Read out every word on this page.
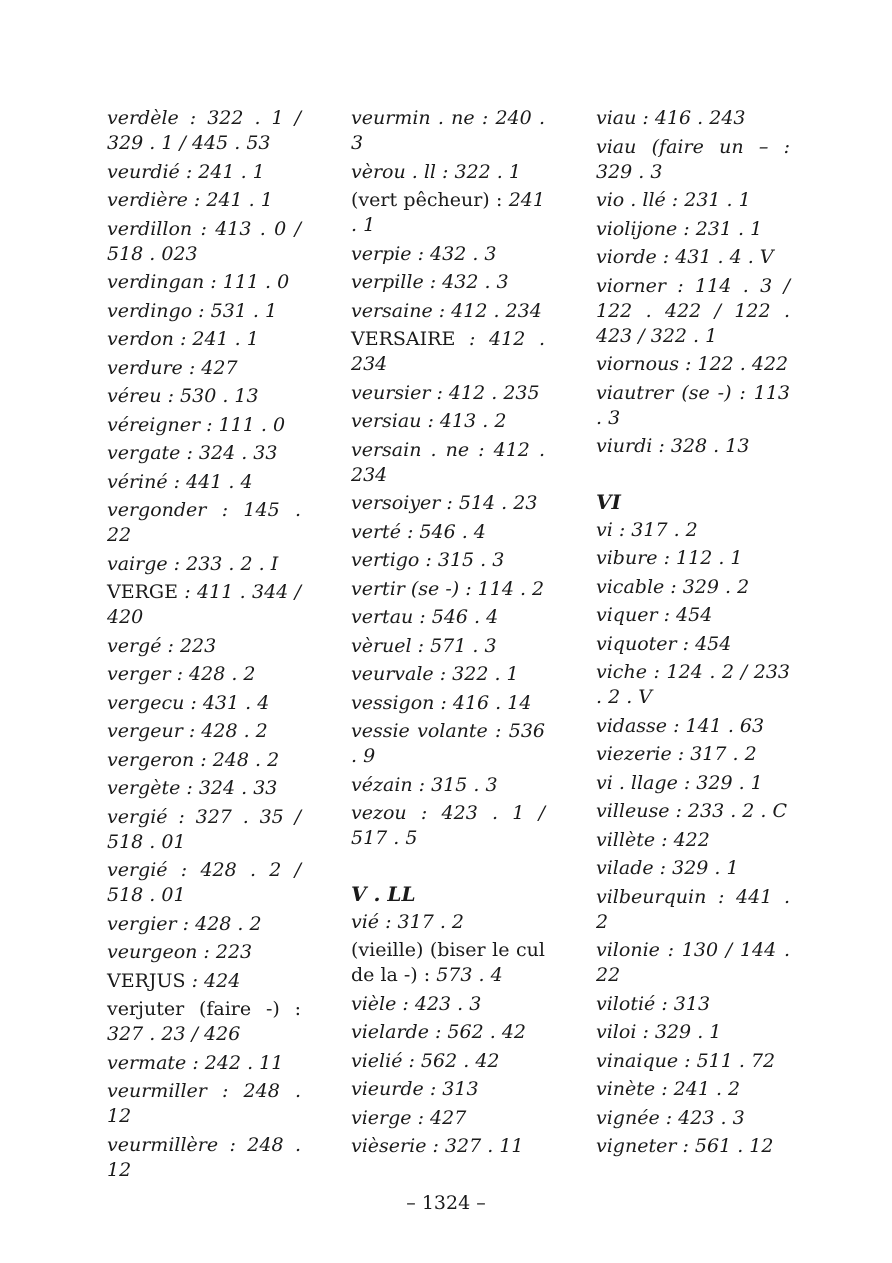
verdèle : 322 . 1 / 329 . 1 / 445 . 53
veurdié : 241 . 1
verdière : 241 . 1
verdillon : 413 . 0 / 518 . 023
verdingan : 111 . 0
verdingo : 531 . 1
verdon : 241 . 1
verdure : 427
véreu : 530 . 13
véreigner : 111 . 0
vergate : 324 . 33
vériné : 441 . 4
vergonder : 145 . 22
vairge : 233 . 2 . I
VERGE : 411 . 344 / 420
vergé : 223
verger : 428 . 2
vergecu : 431 . 4
vergeur : 428 . 2
vergeron : 248 . 2
vergète : 324 . 33
vergié : 327 . 35 / 518 . 01
vergié : 428 . 2 / 518 . 01
vergier : 428 . 2
veurgeon : 223
VERJUS : 424
verjuter (faire -) : 327 . 23 / 426
vermate : 242 . 11
veurmiller : 248 . 12
veurmillère : 248 . 12
veurmin . ne : 240 . 3
vèrou . ll : 322 . 1
(vert pêcheur) : 241 . 1
verpie : 432 . 3
verpille : 432 . 3
versaine : 412 . 234
VERSAIRE : 412 . 234
veursier : 412 . 235
versiau : 413 . 2
versain . ne : 412 . 234
versoiyer : 514 . 23
verté : 546 . 4
vertigo : 315 . 3
vertir (se -) : 114 . 2
vertau : 546 . 4
vèruel : 571 . 3
veurvale : 322 . 1
vessigon : 416 . 14
vessie volante : 536 . 9
vézain : 315 . 3
vezou : 423 . 1 / 517 . 5
V . LL
vié : 317 . 2
(vieille) (biser le cul de la -) : 573 . 4
vièle : 423 . 3
vielarde : 562 . 42
vielié : 562 . 42
vieurde : 313
vierge : 427
vièserie : 327 . 11
viau : 416 . 243
viau (faire un – : 329 . 3
vio . llé : 231 . 1
violijone : 231 . 1
viorde : 431 . 4 . V
viorner : 114 . 3 / 122 . 422 / 122 . 423 / 322 . 1
viornous : 122 . 422
viautrer (se -) : 113 . 3
viurdi : 328 . 13
VI
vi : 317 . 2
vibure : 112 . 1
vicable : 329 . 2
viquer : 454
viquoter : 454
viche : 124 . 2 / 233 . 2 . V
vidasse : 141 . 63
viezerie : 317 . 2
vi . llage : 329 . 1
villeuse : 233 . 2 . C
villète : 422
vilade : 329 . 1
vilbeurquin : 441 . 2
vilonie : 130 / 144 . 22
vilotié : 313
viloi : 329 . 1
vinaique : 511 . 72
vinète : 241 . 2
vignée : 423 . 3
vigneter : 561 . 12
– 1324 –
